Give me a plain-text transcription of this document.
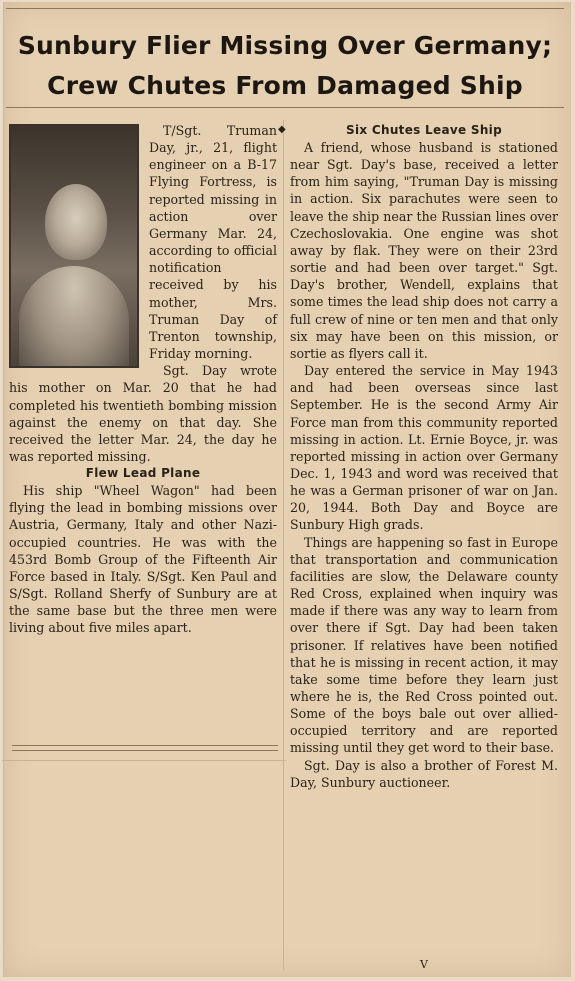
Sunbury Flier Missing Over Germany;
Crew Chutes From Damaged Ship
◆

T/Sgt. Truman Day, jr., 21, flight engineer on a B-17 Flying Fortress, is reported missing in action over Germany Mar. 24, according to official notification received by his mother, Mrs. Truman Day of Trenton township, Friday morning.

Sgt. Day wrote his mother on Mar. 20 that he had completed his twentieth bombing mission against the enemy on that day. She received the letter Mar. 24, the day he was reported missing.

Flew Lead Plane

His ship "Wheel Wagon" had been flying the lead in bombing missions over Austria, Germany, Italy and other Nazi-occupied countries. He was with the 453rd Bomb Group of the Fifteenth Air Force based in Italy. S/Sgt. Ken Paul and S/Sgt. Rolland Sherfy of Sunbury are at the same base but the three men were living about five miles apart.

Six Chutes Leave Ship

A friend, whose husband is stationed near Sgt. Day's base, received a letter from him saying, "Truman Day is missing in action. Six parachutes were seen to leave the ship near the Russian lines over Czechoslovakia. One engine was shot away by flak. They were on their 23rd sortie and had been over target." Sgt. Day's brother, Wendell, explains that some times the lead ship does not carry a full crew of nine or ten men and that only six may have been on this mission, or sortie as flyers call it.

Day entered the service in May 1943 and had been overseas since last September. He is the second Army Air Force man from this community reported missing in action. Lt. Ernie Boyce, jr. was reported missing in action over Germany Dec. 1, 1943 and word was received that he was a German prisoner of war on Jan. 20, 1944. Both Day and Boyce are Sunbury High grads.

Things are happening so fast in Europe that transportation and communication facilities are slow, the Delaware county Red Cross, explained when inquiry was made if there was any way to learn from over there if Sgt. Day had been taken prisoner. If relatives have been notified that he is missing in recent action, it may take some time before they learn just where he is, the Red Cross pointed out. Some of the boys bale out over allied-occupied territory and are reported missing until they get word to their base.

Sgt. Day is also a brother of Forest M. Day, Sunbury auctioneer.

V
